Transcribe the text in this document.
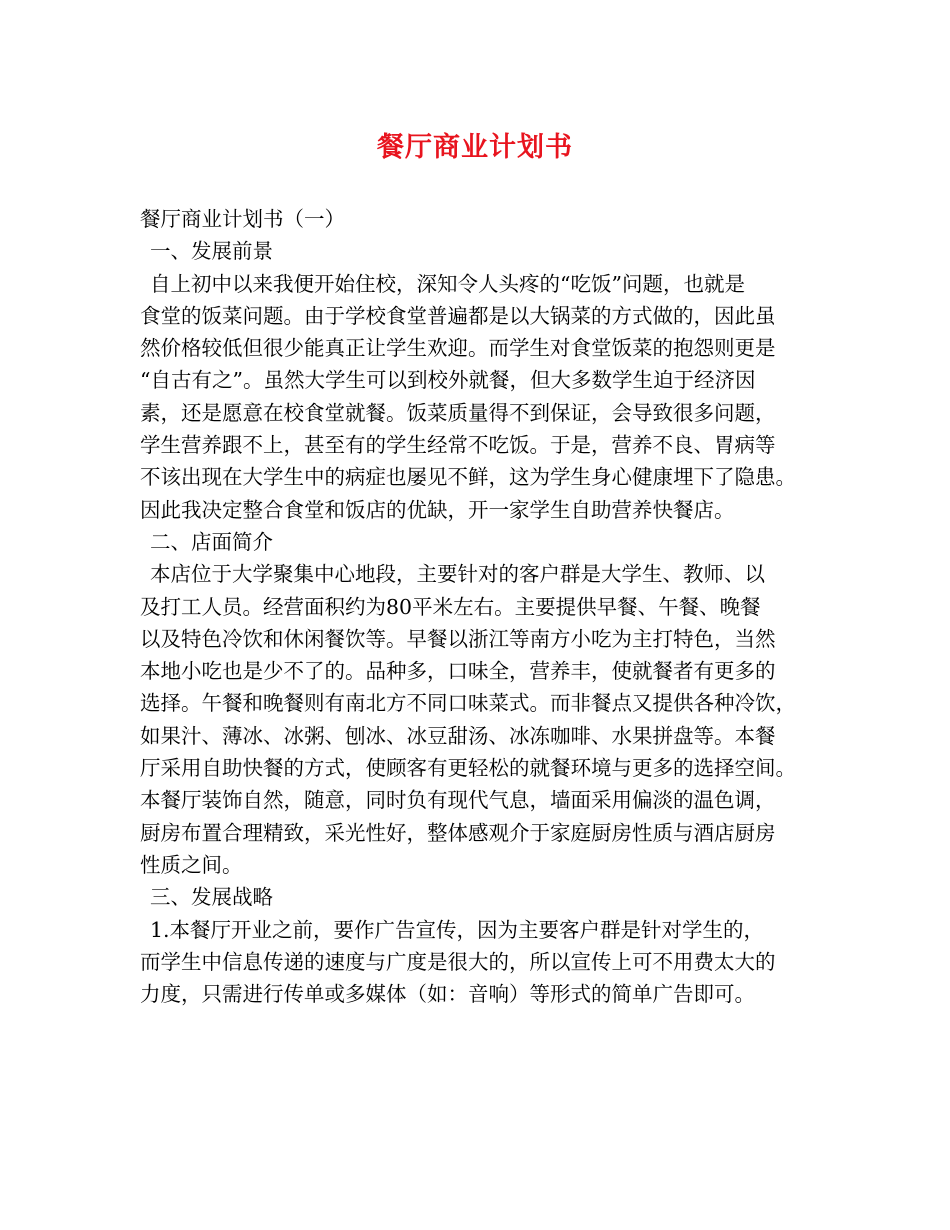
餐厅商业计划书
餐厅商业计划书（一）
一、发展前景
自上初中以来我便开始住校，深知令人头疼的“吃饭”问题，也就是
食堂的饭菜问题。由于学校食堂普遍都是以大锅菜的方式做的，因此虽
然价格较低但很少能真正让学生欢迎。而学生对食堂饭菜的抱怨则更是
“自古有之”。虽然大学生可以到校外就餐，但大多数学生迫于经济因
素，还是愿意在校食堂就餐。饭菜质量得不到保证，会导致很多问题，
学生营养跟不上，甚至有的学生经常不吃饭。于是，营养不良、胃病等
不该出现在大学生中的病症也屡见不鲜，这为学生身心健康埋下了隐患。
因此我决定整合食堂和饭店的优缺，开一家学生自助营养快餐店。
二、店面简介
本店位于大学聚集中心地段，主要针对的客户群是大学生、教师、以
及打工人员。经营面积约为80平米左右。主要提供早餐、午餐、晚餐
以及特色冷饮和休闲餐饮等。早餐以浙江等南方小吃为主打特色，当然
本地小吃也是少不了的。品种多，口味全，营养丰，使就餐者有更多的
选择。午餐和晚餐则有南北方不同口味菜式。而非餐点又提供各种冷饮，
如果汁、薄冰、冰粥、刨冰、冰豆甜汤、冰冻咖啡、水果拼盘等。本餐
厅采用自助快餐的方式，使顾客有更轻松的就餐环境与更多的选择空间。
本餐厅装饰自然，随意，同时负有现代气息，墙面采用偏淡的温色调，
厨房布置合理精致，采光性好，整体感观介于家庭厨房性质与酒店厨房
性质之间。
三、发展战略
1.本餐厅开业之前，要作广告宣传，因为主要客户群是针对学生的，
而学生中信息传递的速度与广度是很大的，所以宣传上可不用费太大的
力度，只需进行传单或多媒体（如：音响）等形式的简单广告即可。
